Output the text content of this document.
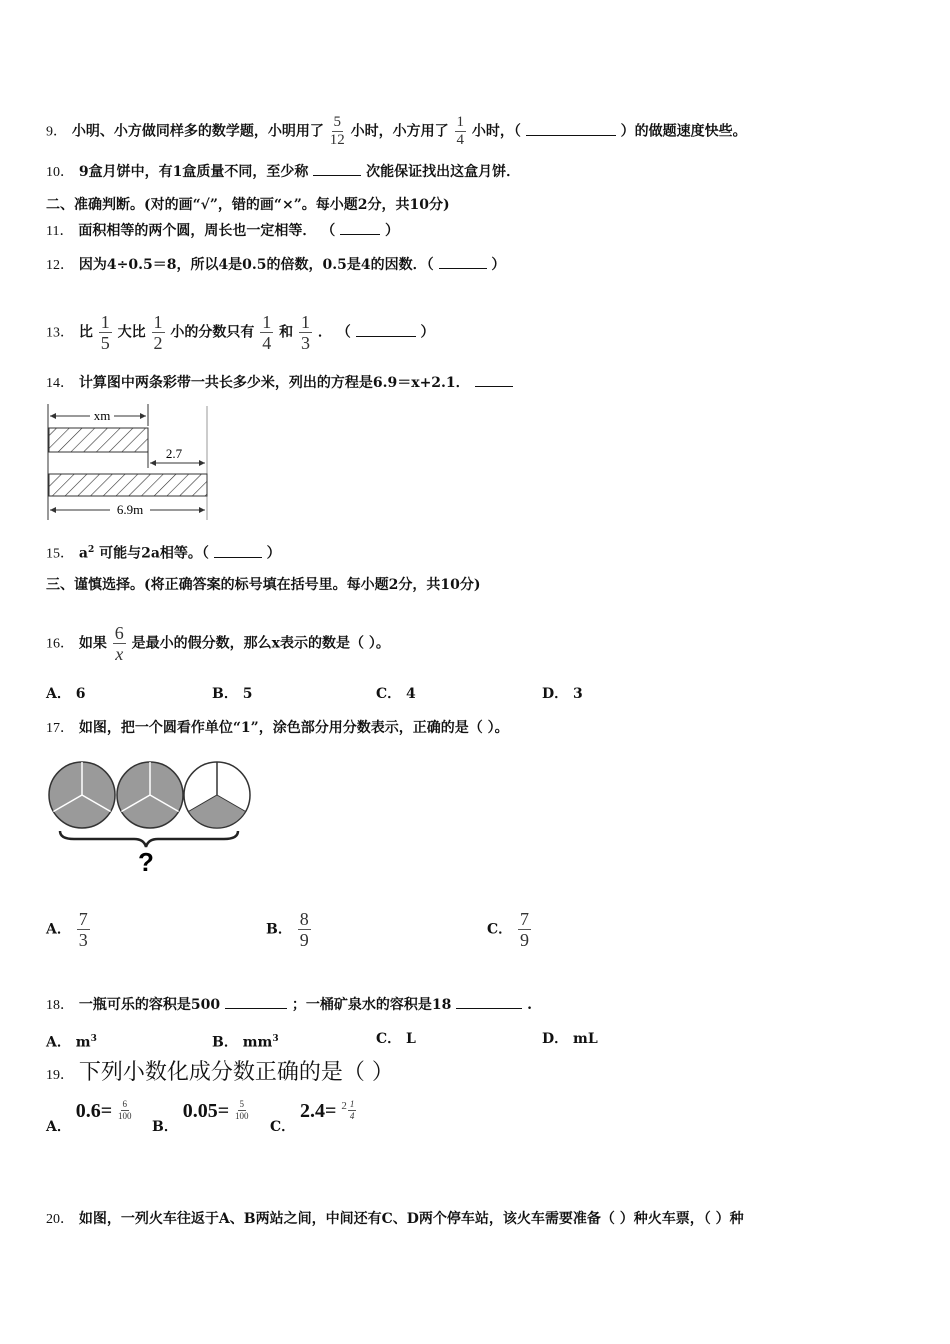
9． 小明、小方做同样多的数学题，小明用了 $\frac{5}{12}$ 小时，小方用了 $\frac{1}{4}$ 小时，（	）的做题速度快些。
10． 9盒月饼中，有1盒质量不同，至少称	次能保证找出这盒月饼．
二、准确判断。(对的画“√”，错的画“×”。每小题2分，共10分)
11． 面积相等的两个圆，周长也一定相等． （	）
12． 因为4÷0.5＝8，所以4是0.5的倍数，0.5是4的因数．（	）
13． 比 $\frac{1}{5}$ 大比 $\frac{1}{2}$ 小的分数只有 $\frac{1}{4}$ 和 $\frac{1}{3}$ ． （	）
14． 计算图中两条彩带一共长多少米，列出的方程是6.9＝x+2.1．
xm
2.7
6.9m
15． $a^2$ 可能与2a相等。（	）
三、谨慎选择。(将正确答案的标号填在括号里。每小题2分，共10分)
16． 如果 $\frac{6}{x}$ 是最小的假分数，那么x表示的数是（ ）。
A． 6	B． 5	C． 4	D． 3
17． 如图，把一个圆看作单位“1”，涂色部分用分数表示，正确的是（ ）。
?
A． $\frac{7}{3}$	B． $\frac{8}{9}$	C． $\frac{7}{9}$
18． 一瓶可乐的容积是500	；一桶矿泉水的容积是18	.
A． $m^3$	B． $mm^3$	C． L	D． mL
19． 下列小数化成分数正确的是（ ）
A． $0.6= \frac{6}{100}$
B． $0.05= \frac{5}{100}$
C． $2.4= ^2 \frac{1}{4}$
20． 如图，一列火车往返于A、B两站之间，中间还有C、D两个停车站，该火车需要准备（ ）种火车票，（ ）种
